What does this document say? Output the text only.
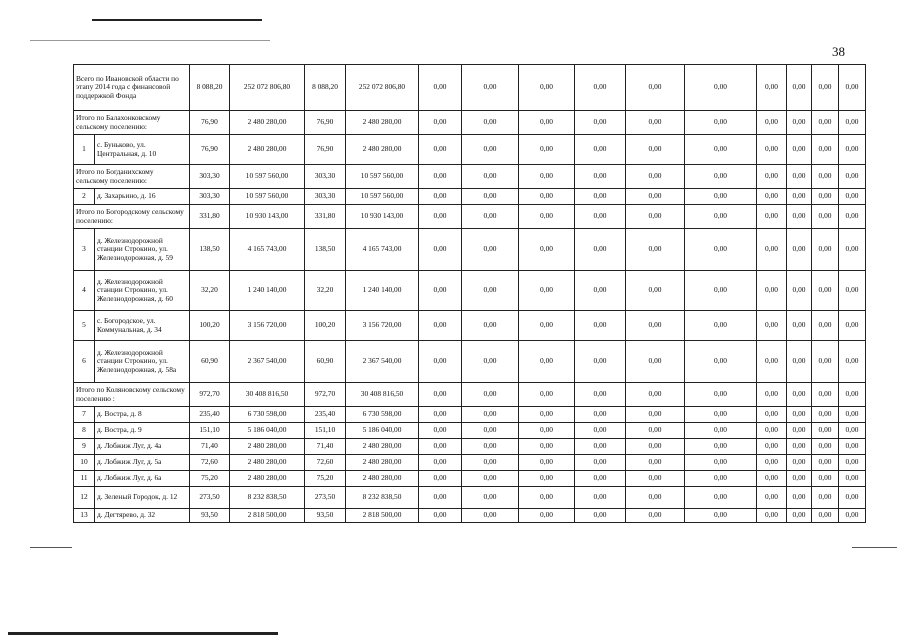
38
Всего по Ивановской области по этапу 2014 года с финансовой поддержкой Фонда		8 088,20	252 072 806,80	8 088,20	252 072 806,80	0,00	0,00	0,00	0,00	0,00	0,00	0,00	0,00	0,00	0,00
Итого по Балахонковскому сельскому поселению:		76,90	2 480 280,00	76,90	2 480 280,00	0,00	0,00	0,00	0,00	0,00	0,00	0,00	0,00	0,00	0,00
1	с. Буньково, ул. Центральная, д. 10	76,90	2 480 280,00	76,90	2 480 280,00	0,00	0,00	0,00	0,00	0,00	0,00	0,00	0,00	0,00	0,00
Итого по Богданихскому сельскому поселению:		303,30	10 597 560,00	303,30	10 597 560,00	0,00	0,00	0,00	0,00	0,00	0,00	0,00	0,00	0,00	0,00
2	д. Захарьино, д. 16	303,30	10 597 560,00	303,30	10 597 560,00	0,00	0,00	0,00	0,00	0,00	0,00	0,00	0,00	0,00	0,00
Итого по Богородскому сельскому поселению:		331,80	10 930 143,00	331,80	10 930 143,00	0,00	0,00	0,00	0,00	0,00	0,00	0,00	0,00	0,00	0,00
3	д. Железнодорожной станции Строкино, ул. Железнодорожная, д. 59	138,50	4 165 743,00	138,50	4 165 743,00	0,00	0,00	0,00	0,00	0,00	0,00	0,00	0,00	0,00	0,00
4	д. Железнодорожной станции Строкино, ул. Железнодорожная, д. 60	32,20	1 240 140,00	32,20	1 240 140,00	0,00	0,00	0,00	0,00	0,00	0,00	0,00	0,00	0,00	0,00
5	с. Богородское, ул. Коммунальная, д. 34	100,20	3 156 720,00	100,20	3 156 720,00	0,00	0,00	0,00	0,00	0,00	0,00	0,00	0,00	0,00	0,00
6	д. Железнодорожной станции Строкино, ул. Железнодорожная, д. 58а	60,90	2 367 540,00	60,90	2 367 540,00	0,00	0,00	0,00	0,00	0,00	0,00	0,00	0,00	0,00	0,00
Итого по Коляновскому сельскому поселению :		972,70	30 408 816,50	972,70	30 408 816,50	0,00	0,00	0,00	0,00	0,00	0,00	0,00	0,00	0,00	0,00
7	д. Востра, д. 8	235,40	6 730 598,00	235,40	6 730 598,00	0,00	0,00	0,00	0,00	0,00	0,00	0,00	0,00	0,00	0,00
8	д. Востра, д. 9	151,10	5 186 040,00	151,10	5 186 040,00	0,00	0,00	0,00	0,00	0,00	0,00	0,00	0,00	0,00	0,00
9	д. Лобжиж Луг, д. 4а	71,40	2 480 280,00	71,40	2 480 280,00	0,00	0,00	0,00	0,00	0,00	0,00	0,00	0,00	0,00	0,00
10	д. Лобжиж Луг, д. 5а	72,60	2 480 280,00	72,60	2 480 280,00	0,00	0,00	0,00	0,00	0,00	0,00	0,00	0,00	0,00	0,00
11	д. Лобжиж Луг, д. 6а	75,20	2 480 280,00	75,20	2 480 280,00	0,00	0,00	0,00	0,00	0,00	0,00	0,00	0,00	0,00	0,00
12	д. Зеленый Городок, д. 12	273,50	8 232 838,50	273,50	8 232 838,50	0,00	0,00	0,00	0,00	0,00	0,00	0,00	0,00	0,00	0,00
13	д. Дегтярево, д. 32	93,50	2 818 500,00	93,50	2 818 500,00	0,00	0,00	0,00	0,00	0,00	0,00	0,00	0,00	0,00	0,00
